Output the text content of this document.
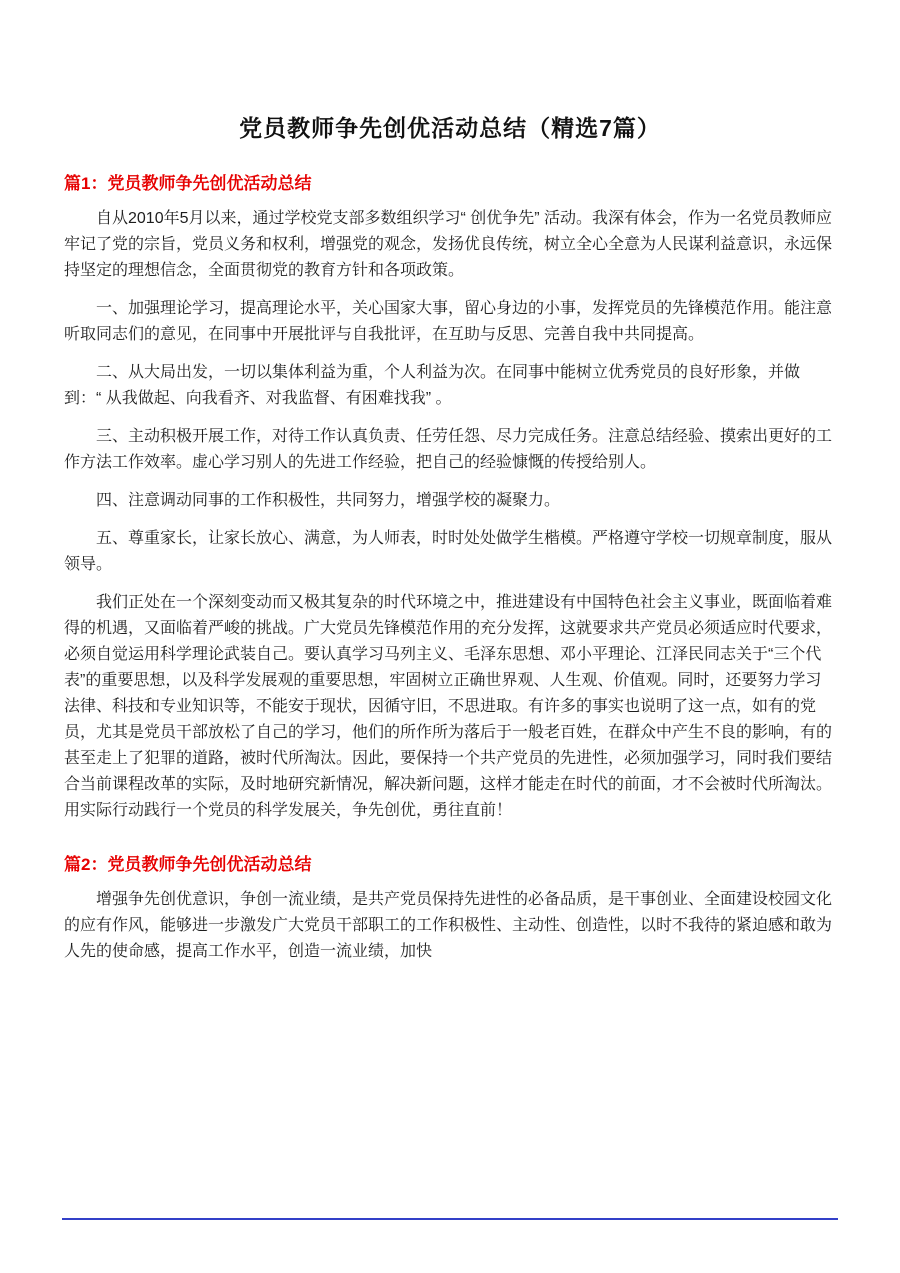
党员教师争先创优活动总结（精选7篇）
篇1：党员教师争先创优活动总结

自从2010年5月以来，通过学校党支部多数组织学习“ 创优争先” 活动。我深有体会，作为一名党员教师应牢记了党的宗旨，党员义务和权利，增强党的观念，发扬优良传统，树立全心全意为人民谋利益意识，永远保持坚定的理想信念，全面贯彻党的教育方针和各项政策。

一、加强理论学习，提高理论水平，关心国家大事，留心身边的小事，发挥党员的先锋模范作用。能注意听取同志们的意见，在同事中开展批评与自我批评，在互助与反思、完善自我中共同提高。

二、从大局出发，一切以集体利益为重，个人利益为次。在同事中能树立优秀党员的良好形象，并做到：“ 从我做起、向我看齐、对我监督、有困难找我” 。

三、主动积极开展工作，对待工作认真负责、任劳任怨、尽力完成任务。注意总结经验、摸索出更好的工作方法工作效率。虚心学习别人的先进工作经验，把自己的经验慷慨的传授给别人。

四、注意调动同事的工作积极性，共同努力，增强学校的凝聚力。

五、尊重家长，让家长放心、满意，为人师表，时时处处做学生楷模。严格遵守学校一切规章制度，服从领导。

我们正处在一个深刻变动而又极其复杂的时代环境之中，推进建设有中国特色社会主义事业，既面临着难得的机遇，又面临着严峻的挑战。广大党员先锋模范作用的充分发挥，这就要求共产党员必须适应时代要求，必须自觉运用科学理论武装自己。要认真学习马列主义、毛泽东思想、邓小平理论、江泽民同志关于“三个代表”的重要思想，以及科学发展观的重要思想，牢固树立正确世界观、人生观、价值观。同时，还要努力学习法律、科技和专业知识等，不能安于现状，因循守旧，不思进取。有许多的事实也说明了这一点，如有的党员，尤其是党员干部放松了自己的学习，他们的所作所为落后于一般老百姓，在群众中产生不良的影响，有的甚至走上了犯罪的道路，被时代所淘汰。因此，要保持一个共产党员的先进性，必须加强学习，同时我们要结合当前课程改革的实际，及时地研究新情况，解决新问题，这样才能走在时代的前面，才不会被时代所淘汰。用实际行动践行一个党员的科学发展关，争先创优，勇往直前！

篇2：党员教师争先创优活动总结

增强争先创优意识，争创一流业绩，是共产党员保持先进性的必备品质，是干事创业、全面建设校园文化的应有作风，能够进一步激发广大党员干部职工的工作积极性、主动性、创造性，以时不我待的紧迫感和敢为人先的使命感，提高工作水平，创造一流业绩，加快
